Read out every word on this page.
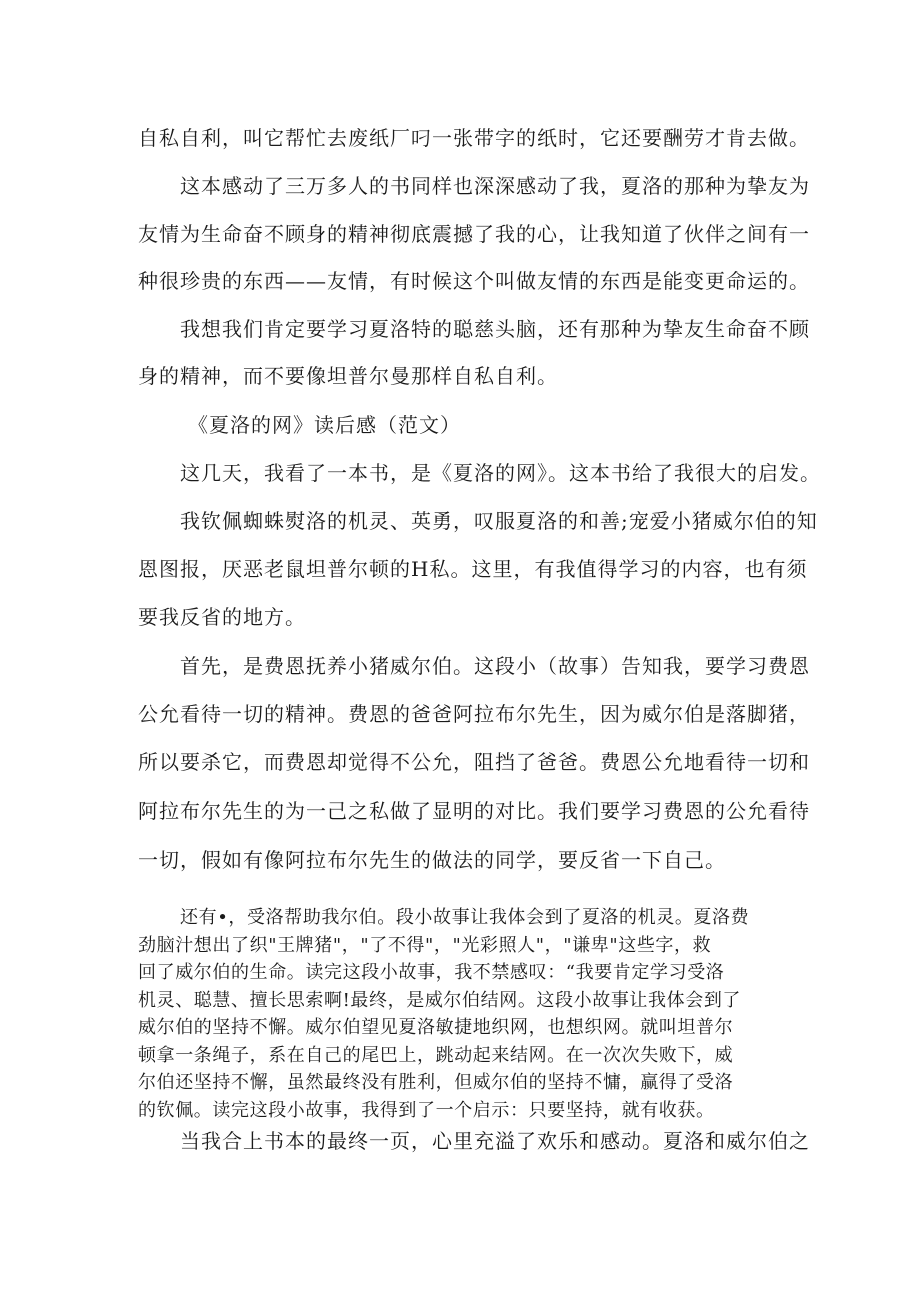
自私自利，叫它帮忙去废纸厂叼一张带字的纸时，它还要酬劳才肯去做。
这本感动了三万多人的书同样也深深感动了我，夏洛的那种为挚友为
友情为生命奋不顾身的精神彻底震撼了我的心，让我知道了伙伴之间有一
种很珍贵的东西——友情，有时候这个叫做友情的东西是能变更命运的。
我想我们肯定要学习夏洛特的聪慈头脑，还有那种为挚友生命奋不顾
身的精神，而不要像坦普尔曼那样自私自利。
《夏洛的网》读后感（范文）
这几天，我看了一本书，是《夏洛的网》。这本书给了我很大的启发。
我钦佩蜘蛛熨洛的机灵、英勇，叹服夏洛的和善;宠爱小猪威尔伯的知
恩图报，厌恶老鼠坦普尔顿的H私。这里，有我值得学习的内容，也有须
要我反省的地方。
首先，是费恩抚养小猪威尔伯。这段小（故事）告知我，要学习费恩
公允看待一切的精神。费恩的爸爸阿拉布尔先生，因为威尔伯是落脚猪，
所以要杀它，而费恩却觉得不公允，阻挡了爸爸。费恩公允地看待一切和
阿拉布尔先生的为一己之私做了显明的对比。我们要学习费恩的公允看待
一切，假如有像阿拉布尔先生的做法的同学，要反省一下自己。
还有•，受洛帮助我尔伯。段小故事让我体会到了夏洛的机灵。夏洛费
劲脑汁想出了织"王牌猪"，"了不得"，"光彩照人"，"谦卑"这些字，救
回了威尔伯的生命。读完这段小故事，我不禁感叹：“我要肯定学习受洛
机灵、聪慧、擅长思索啊!最终，是威尔伯结网。这段小故事让我体会到了
威尔伯的坚持不懈。威尔伯望见夏洛敏捷地织网，也想织网。就叫坦普尔
顿拿一条绳子，系在自己的尾巴上，跳动起来结网。在一次次失败下，威
尔伯还坚持不懈，虽然最终没有胜利，但威尔伯的坚持不慵，赢得了受洛
的钦佩。读完这段小故事，我得到了一个启示：只要坚持，就有收获。
当我合上书本的最终一页，心里充溢了欢乐和感动。夏洛和威尔伯之
